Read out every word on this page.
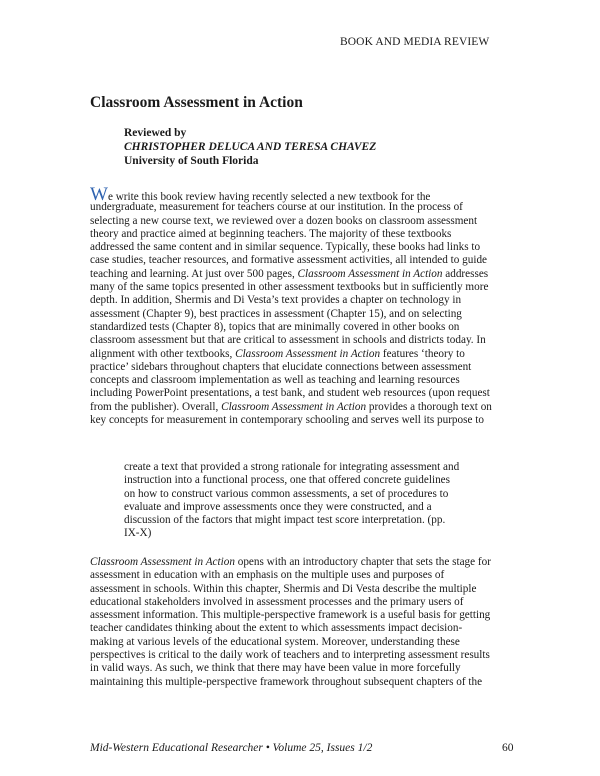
BOOK AND MEDIA REVIEW
Classroom Assessment in Action
Reviewed by
CHRISTOPHER DELUCA AND TERESA CHAVEZ
University of South Florida
We write this book review having recently selected a new textbook for the
undergraduate, measurement for teachers course at our institution. In the process of
selecting a new course text, we reviewed over a dozen books on classroom assessment
theory and practice aimed at beginning teachers. The majority of these textbooks
addressed the same content and in similar sequence. Typically, these books had links to
case studies, teacher resources, and formative assessment activities, all intended to guide
teaching and learning. At just over 500 pages, Classroom Assessment in Action addresses
many of the same topics presented in other assessment textbooks but in sufficiently more
depth. In addition, Shermis and Di Vesta’s text provides a chapter on technology in
assessment (Chapter 9), best practices in assessment (Chapter 15), and on selecting
standardized tests (Chapter 8), topics that are minimally covered in other books on
classroom assessment but that are critical to assessment in schools and districts today. In
alignment with other textbooks, Classroom Assessment in Action features ‘theory to
practice’ sidebars throughout chapters that elucidate connections between assessment
concepts and classroom implementation as well as teaching and learning resources
including PowerPoint presentations, a test bank, and student web resources (upon request
from the publisher). Overall, Classroom Assessment in Action provides a thorough text on
key concepts for measurement in contemporary schooling and serves well its purpose to
create a text that provided a strong rationale for integrating assessment and
instruction into a functional process, one that offered concrete guidelines
on how to construct various common assessments, a set of procedures to
evaluate and improve assessments once they were constructed, and a
discussion of the factors that might impact test score interpretation. (pp.
IX-X)
Classroom Assessment in Action opens with an introductory chapter that sets the stage for
assessment in education with an emphasis on the multiple uses and purposes of
assessment in schools. Within this chapter, Shermis and Di Vesta describe the multiple
educational stakeholders involved in assessment processes and the primary users of
assessment information. This multiple-perspective framework is a useful basis for getting
teacher candidates thinking about the extent to which assessments impact decision-
making at various levels of the educational system. Moreover, understanding these
perspectives is critical to the daily work of teachers and to interpreting assessment results
in valid ways. As such, we think that there may have been value in more forcefully
maintaining this multiple-perspective framework throughout subsequent chapters of the
Mid-Western Educational Researcher • Volume 25, Issues 1/2	60
